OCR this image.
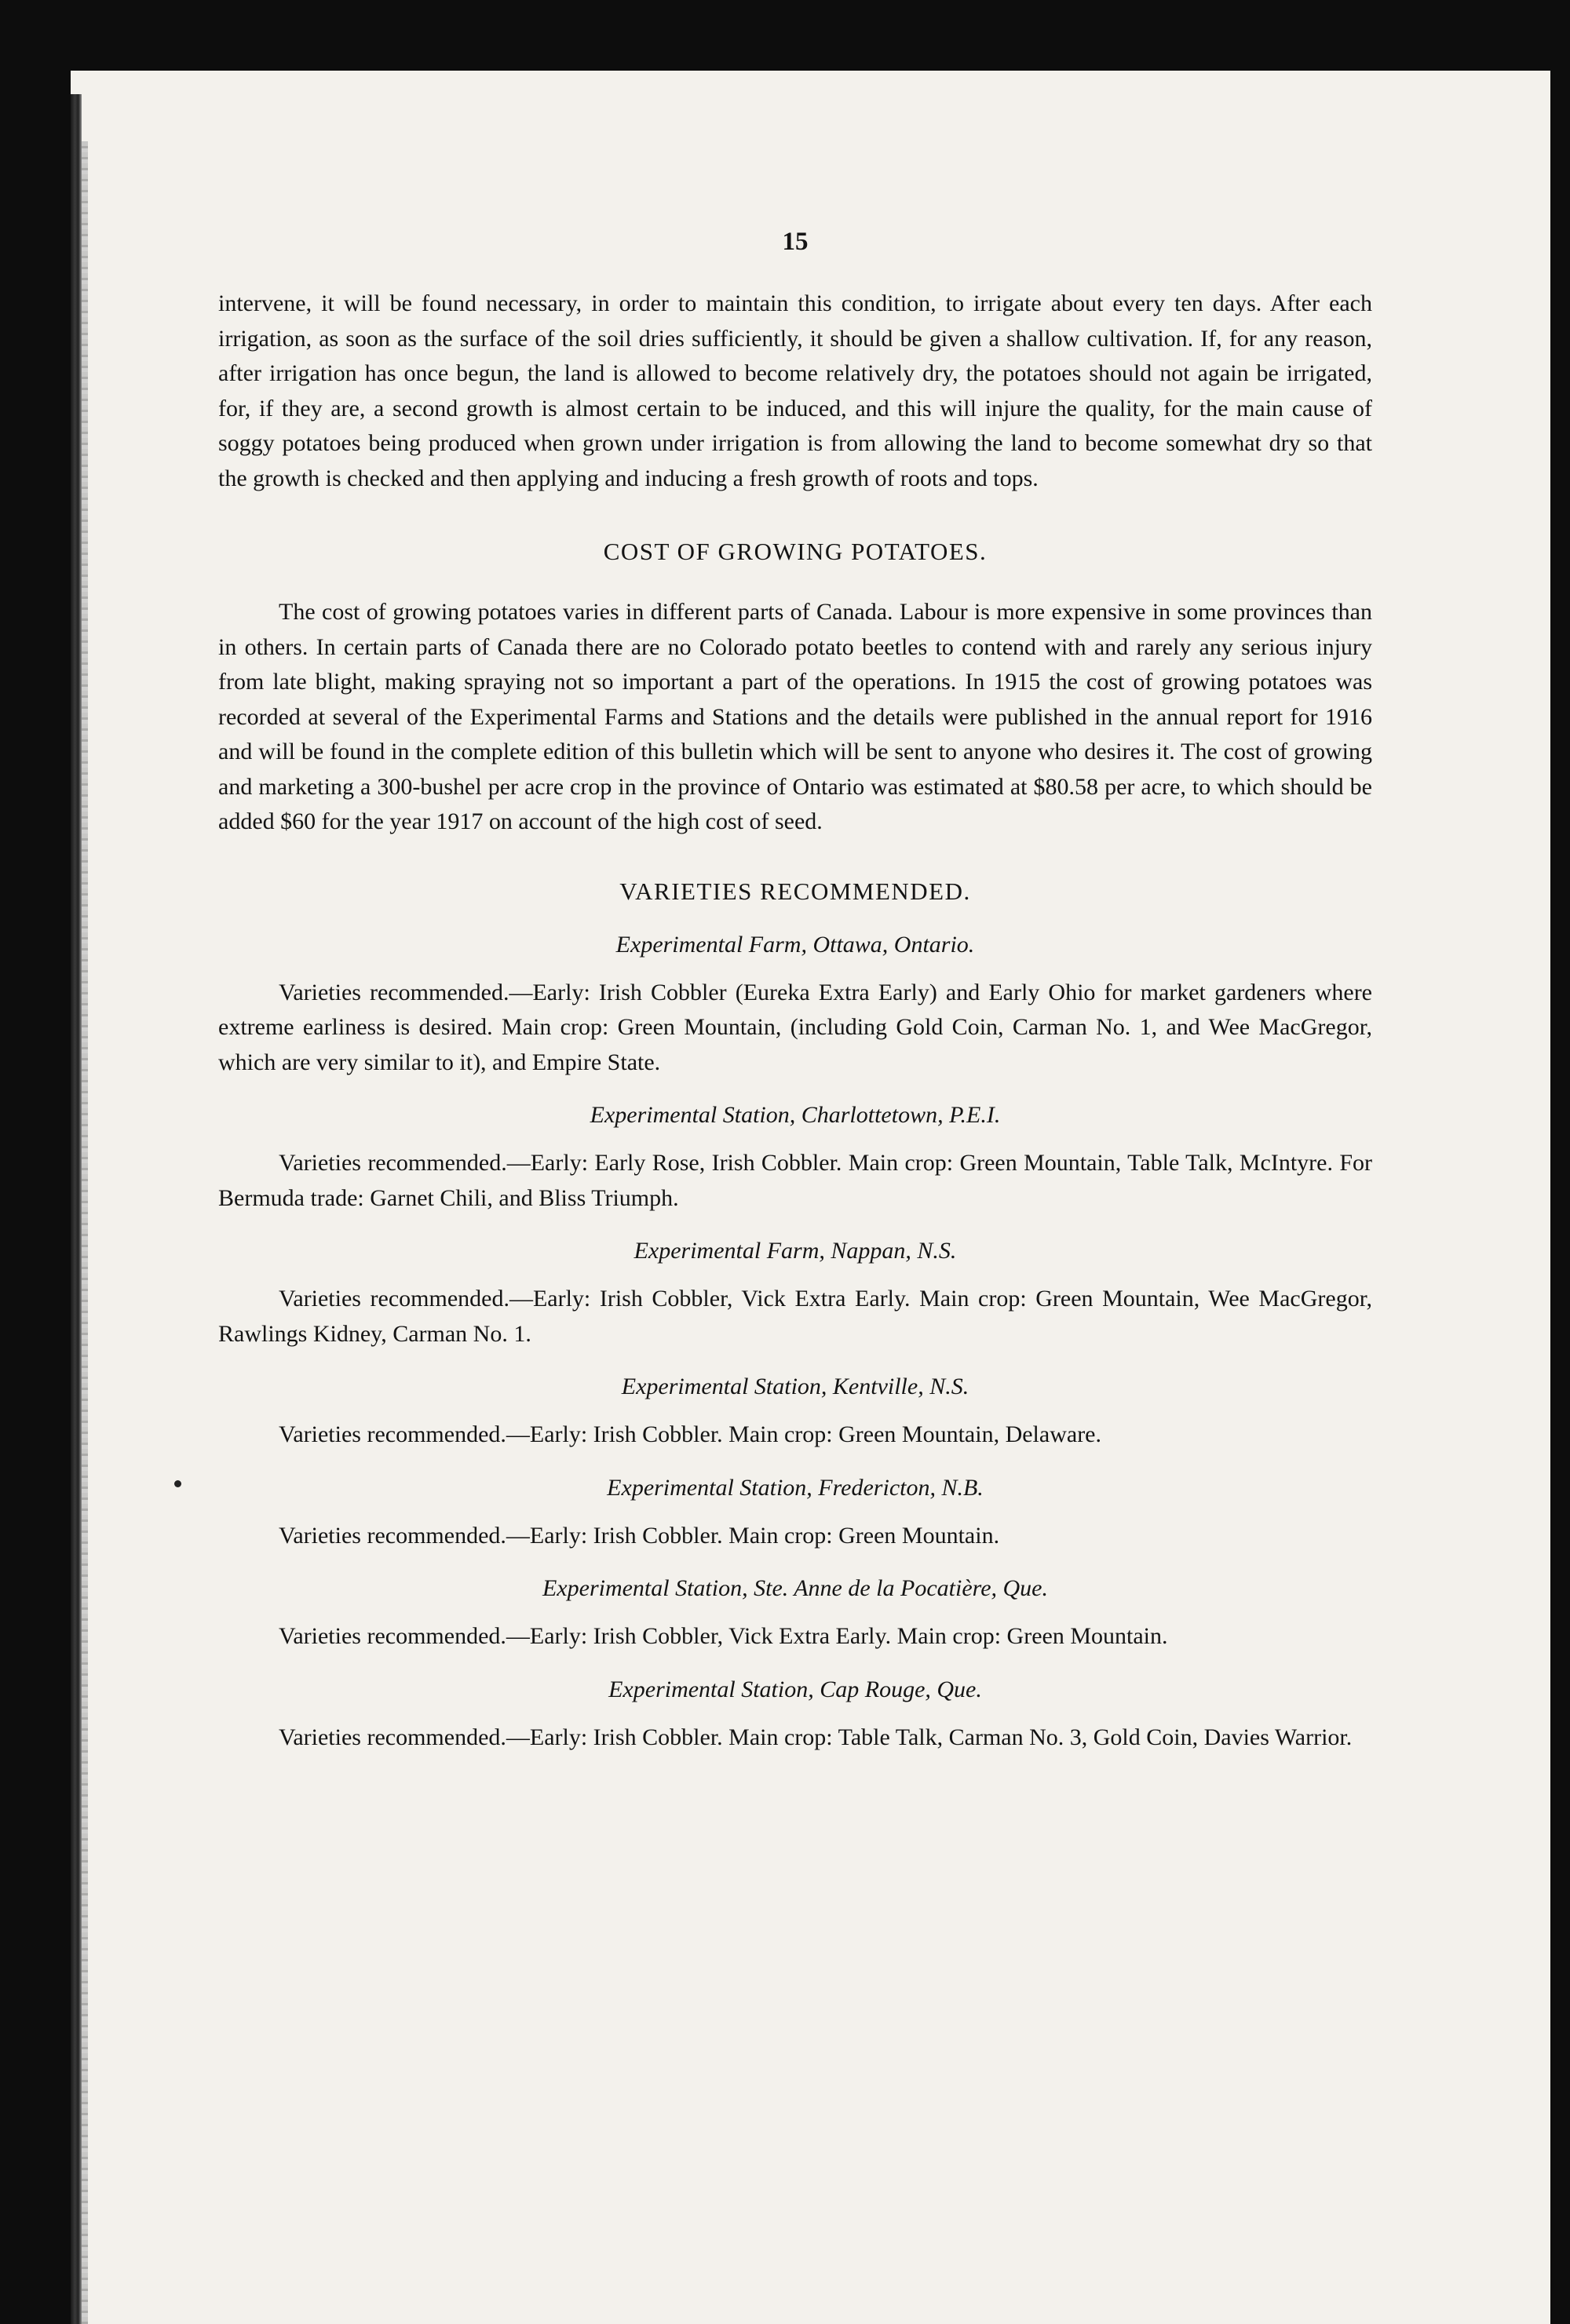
15

intervene, it will be found necessary, in order to maintain this condition, to irrigate about every ten days. After each irrigation, as soon as the surface of the soil dries sufficiently, it should be given a shallow cultivation. If, for any reason, after irrigation has once begun, the land is allowed to become relatively dry, the potatoes should not again be irrigated, for, if they are, a second growth is almost certain to be induced, and this will injure the quality, for the main cause of soggy potatoes being produced when grown under irrigation is from allowing the land to become somewhat dry so that the growth is checked and then applying and inducing a fresh growth of roots and tops.

COST OF GROWING POTATOES.

The cost of growing potatoes varies in different parts of Canada. Labour is more expensive in some provinces than in others. In certain parts of Canada there are no Colorado potato beetles to contend with and rarely any serious injury from late blight, making spraying not so important a part of the operations. In 1915 the cost of growing potatoes was recorded at several of the Experimental Farms and Stations and the details were published in the annual report for 1916 and will be found in the complete edition of this bulletin which will be sent to anyone who desires it. The cost of growing and marketing a 300-bushel per acre crop in the province of Ontario was estimated at $80.58 per acre, to which should be added $60 for the year 1917 on account of the high cost of seed.

VARIETIES RECOMMENDED.
Experimental Farm, Ottawa, Ontario.

Varieties recommended.—Early: Irish Cobbler (Eureka Extra Early) and Early Ohio for market gardeners where extreme earliness is desired. Main crop: Green Mountain, (including Gold Coin, Carman No. 1, and Wee MacGregor, which are very similar to it), and Empire State.

Experimental Station, Charlottetown, P.E.I.

Varieties recommended.—Early: Early Rose, Irish Cobbler. Main crop: Green Mountain, Table Talk, McIntyre. For Bermuda trade: Garnet Chili, and Bliss Triumph.

Experimental Farm, Nappan, N.S.

Varieties recommended.—Early: Irish Cobbler, Vick Extra Early. Main crop: Green Mountain, Wee MacGregor, Rawlings Kidney, Carman No. 1.

Experimental Station, Kentville, N.S.

Varieties recommended.—Early: Irish Cobbler. Main crop: Green Mountain, Delaware.

Experimental Station, Fredericton, N.B.

Varieties recommended.—Early: Irish Cobbler. Main crop: Green Mountain.

Experimental Station, Ste. Anne de la Pocatière, Que.

Varieties recommended.—Early: Irish Cobbler, Vick Extra Early. Main crop: Green Mountain.

Experimental Station, Cap Rouge, Que.

Varieties recommended.—Early: Irish Cobbler. Main crop: Table Talk, Carman No. 3, Gold Coin, Davies Warrior.
